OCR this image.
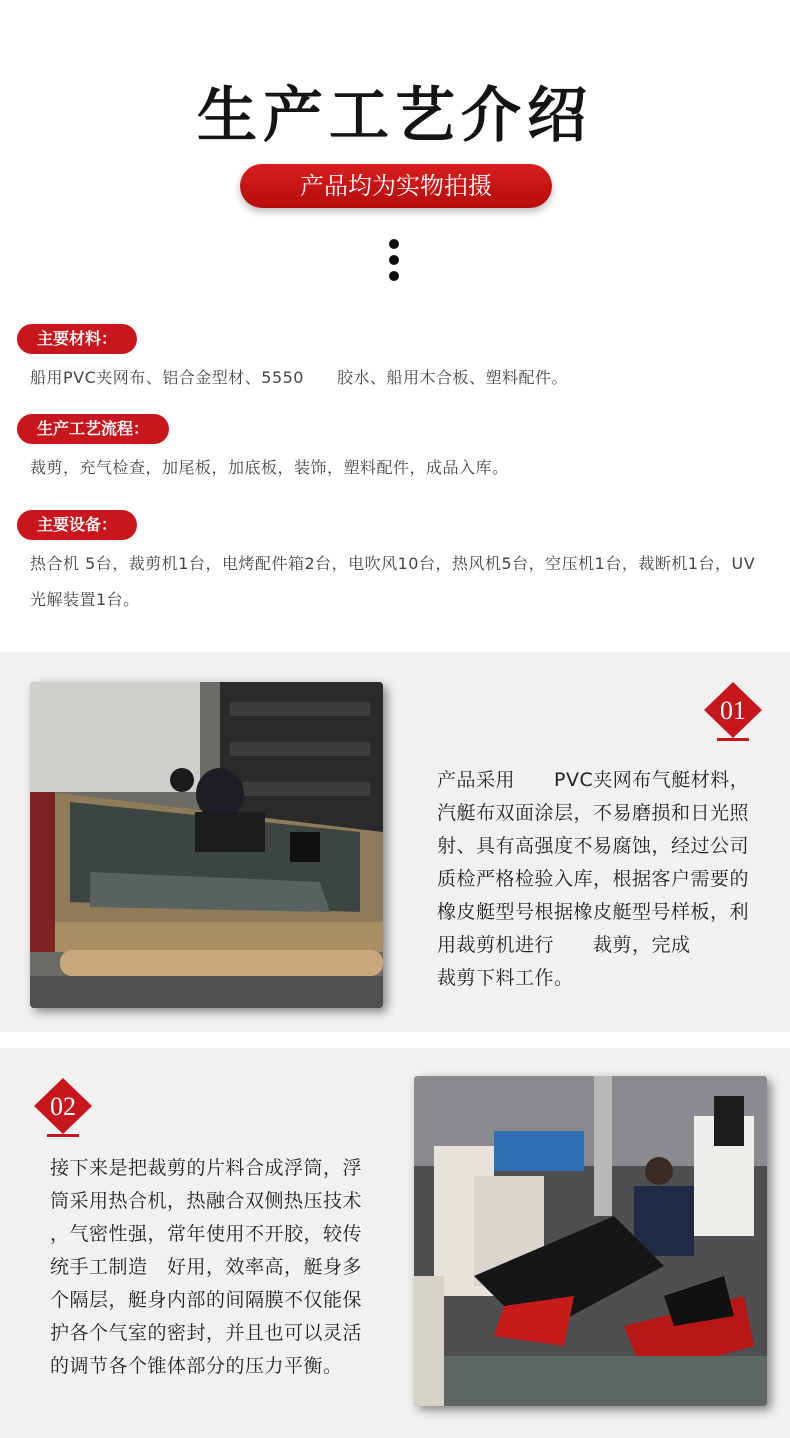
生产工艺介绍
产品均为实物拍摄
主要材料：
船用PVC夹网布、铝合金型材、5550　　胶水、船用木合板、塑料配件。
生产工艺流程：
裁剪，充气检查，加尾板，加底板，装饰，塑料配件，成品入库。
主要设备：
热合机 5台，裁剪机1台，电烤配件箱2台，电吹风10台，热风机5台，空压机1台，裁断机1台，UV光解装置1台。
01
产品采用　　PVC夹网布气艇材料，
汽艇布双面涂层，不易磨损和日光照
射、具有高强度不易腐蚀，经过公司
质检严格检验入库，根据客户需要的
橡皮艇型号根据橡皮艇型号样板，利
用裁剪机进行　　裁剪，完成
裁剪下料工作。
02
接下来是把裁剪的片料合成浮筒，浮
筒采用热合机，热融合双侧热压技术
，气密性强，常年使用不开胶，较传
统手工制造　好用，效率高，艇身多
个隔层，艇身内部的间隔膜不仅能保
护各个气室的密封，并且也可以灵活
的调节各个锥体部分的压力平衡。
